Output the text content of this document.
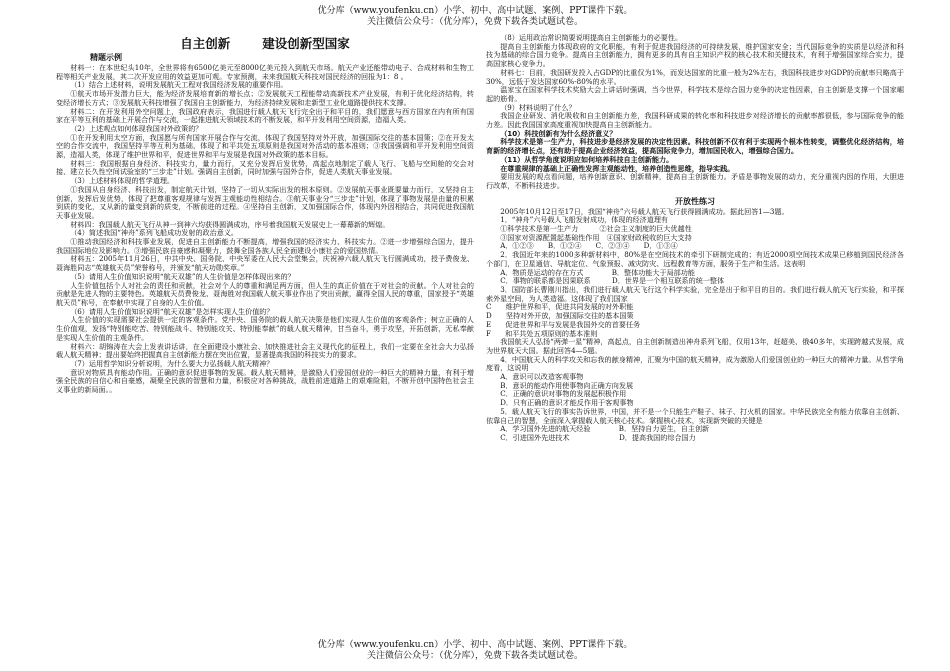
优分库（www.youfenku.cn）小学、初中、高中试题、案例、PPT课件下载。
关注微信公众号：（优分库），免费下载各类试题试卷。
自主创新	建设创新型国家
精题示例

材料一：在本世纪头10年，全世界将有6500亿美元至8000亿美元投入到航天市场。航天产业还能带动电子、合成材料和生物工程等相关产业发展，其二次开发应用的效益更加可观。专家预测，未来我国航天科技对国民经济的回报为1：8 。

（1）结合上述材料，说明发展航天工程对我国经济发展的重要作用。

①航天市场开发潜力巨大，能为经济发展培育新的增长点；②发展航天工程能带动高新技术产业发展，有利于优化经济结构，转变经济增长方式；③发展航天科技增强了我国自主创新能力，为经济持续发展和走新型工业化道路提供技术支撑。

材料二：在开发利用外空问题上，我国政府表示，我国进行载人航天飞行完全出于和平目的，我们愿意与西方国家在内有所有国家在平等互利的基础上开展合作与交流，一起推进航天领域技术的不断发展，和平开发利用空间资源，造福人类。

（2）上述观点如何体现我国对外政策的？

①在开发利用太空方面，我国愿与所有国家开展合作与交流，体现了我国坚持对外开放，加强国际交往的基本国策；②在开发太空的合作交流中，我国坚持平等互利为基础，体现了和平共处五项原则是我国对外活动的基本准则；③我国强调和平开发利用空间资源，造福人类，体现了维护世界和平，促进世界和平与发展是我国对外政策的基本目标。

材料三：我国根据自身经济、科技实力，量力而行，又充分发挥后发优势，高起点地制定了载人飞行、飞船与空间舱的交会对接、建立长久性空间试验室的“三步走”计划。强调自主创新，同时加强与国外合作，促进人类航天事业发展。

（3）上述材料体现的哲学道理。

①我国从自身经济、科技出发，制定航天计划，坚持了一切从实际出发的根本原则。②发展航天事业既要量力而行，又坚持自主创新，发挥后发优势，体现了把尊重客观规律与发挥主观能动性相结合。③航天事业分“三步走”计划，体现了事物发展是由量的积累到质的变化，又从新的量变到新的质变，不断前进的过程。④坚持自主创新，又加强国际合作，体现内外因相结合，共同促进我国航天事业发展。

材料四：我国载人航天飞行从神一到神六均获得圆满成功，序号着我国航天发展史上一幕幕新的辉煌。

（4）简述我国“神舟”系列飞船成功发射的政治意义。

①推动我国经济和科技事业发展，促进自主创新能力不断提高，增强我国的经济实力、科技实力。②进一步增强综合国力，提升我国国际地位及影响力。③增强民族自豪感和凝聚力，鼓舞全国各族人民全面建设小康社会的爱国热情。

材料五：2005年11月26日，中共中央、国务院、中央军委在人民大会堂集会，庆祝神六载人航天飞行圆满成功，授予费俊龙、聂海胜同志“英雄航天员”荣誉称号，并颁发“航天功勋奖章。”

（5）请用人生价值知识说明“航天双雄”的人生价值是怎样体现出来的？

人生价值包括个人对社会的责任和贡献，社会对个人的尊重和满足两方面，但人生的真正价值在于对社会的贡献。个人对社会的贡献是先进人物的主要特色。英雄航天员费俊龙、聂海胜对我国载人航天事业作出了突出贡献，赢得全国人民的尊重，国家授予“英雄航天员”称号，在奉献中实现了自身的人生价值。

（6）请用人生价值知识说明“航天双雄”是怎样实现人生价值的？

人生价值的实现需要社会提供一定的客观条件。党中央、国务院的载人航天决策是他们实现人生价值的客观条件；树立正确的人生价值观，发扬“特别能吃苦、特别能战斗、特别能攻关、特别能奉献”的载人航天精神，甘当奋斗，勇于攻坚，开拓创新，无私奉献是实现人生价值的主观条件。

材料六：胡锦涛在大会上发表讲话讲，在全面建设小康社会、加快推进社会主义现代化的征程上，我们一定要在全社会大力弘扬载人航天精神；提出要始终把握真自主创新能力摆在突出位置，显著提高我国的科技实力的要求。

（7）运用哲学知识分析说明，为什么要大力弘扬载人航天精神？

意识对物质具有能动作用。正确的意识促进事物的发展。载人航天精神，是激励人们爱国创业的一种巨大的精神力量，有利于增强全民族的自信心和自豪感，凝聚全民族的智慧和力量，积极应对各种挑战，战胜前进道路上的艰难险阻，不断开创中国特色社会主义事业的新局面。。

（8）运用政治常识简要说明提高自主创新能力的必要性。

提高自主创新能力体现政府的文化职能，有利于促进我国经济的可持续发展，维护国家安全；当代国际竞争的实质是以经济和科技为基础的综合国力竞争。提高自主创新能力，拥有更多的具有自主知识产权的核心技术和关键技术，有利于增强国家综合实力，提高国家核心竞争力。

材料七：目前，我国研发投入占GDP的比重仅为1%，而发达国家的比重一般为2%左右，我国科技进步对GDP的贡献率只略高于30%，远低于发达国家60%-80%的水平。

温家宝在国家科学技术奖励大会上讲话时强调，当今世界，科学技术是综合国力竞争的决定性因素，自主创新是支撑一个国家崛起的筋骨。

（9）材料说明了什么？

我国企业研发、消化吸收和自主创新能力差，我国科研成果的转化率和科技进步对经济增长的贡献率都很低，参与国际竞争的能力差。因此我国国家高度重视加快提高自主创新能力。

（10）科技创新有为什么经济意义？

科学技术是第一生产力，科技进步是经济发展的决定性因素。科技创新不仅有利于实现两个根本性转变，调整优化经济结构，培育新的经济增长点，还有助于提高企业经济效益，提高国际竞争力，增加国民收入，增强综合国力。

（11）从哲学角度说明应如何培养科技自主创新能力。

在尊重规律的基础上正确性发挥主观能动性，培养创造性思维，指导实践。

要用发展的观点看问题，培养创新意识、创新精神，提高自主创新能力。矛盾是事物发展的动力，充分重视内因的作用，大胆进行改革，不断科技进步。

开放性练习

2005年10月12日至17日，我国“神舟”六号载人航天飞行获得圆满成功。据此回答1—3题。

1．“神舟”六号载人飞船发射成功，体现的经济道理有

①科学技术是第一生产力　　　②社会主义制度的巨大优越性

③国家对资源配置起基础性作用　④国家财政税收的巨大支持

A．①②③　　B．①②④　　C．②③④　　D．①③④

2．我国近年来的1000多种新材料中，80%是在空间技术的牵引下研制完成的；有近2000项空间技术成果已移植到国民经济各个部门，在卫星通信、导航定位、气象预报、减灾防灾、远程教育等方面，服务于生产和生活。这表明

A．物质是运动的存在方式　　　　B．整体功能大于局部功能

C．事物的联系都是因果联系　　　D．世界是一个相互联系的统一整体

3．国防部长曹刚川指出，我们进行载人航天飞行这个科学实验，完全是出于和平目的目的。我们进行载人航天飞行实验，和平探索外星空间，为人类造福。这体现了我们国家

C　　维护世界和平，促进共同发展的对外职能

D　　坚持对外开放，加强国际交往的基本国策

E　　促进世界和平与发展是我国外交的首要任务

F　　和平共处五项原则的基本准则

我国航天人弘扬“两弹一星”精神，高起点，自主创新制造出神舟系列飞船，仅用13年，赶超美、俄40多年，实现跨越式发展，成为世界航天大国。据此回答4—5题。

4．中国航天人的科学攻关和忘我的献身精神，汇聚为中国的航天精神，成为激励人们爱国创业的一种巨大的精神力量。从哲学角度看，这说明

A．意识可以改造客观事物

B．意识的能动作用使事物向正确方向发展

C．正确的意识对事物的发展起积极作用

D．只有正确的意识才能反作用于客观事物

5．载人航天飞行的事实告诉世界，中国，并不是一个只能生产鞋子、袜子、打火机的国家。中华民族完全有能力依靠自主创新、依靠自己的智慧，全面深入掌握载人航天核心技术。掌握核心技术，实现新突破的关键是

A．学习国外先进的航天经验　　　　B．坚持自力更生，自主创新

C．引进国外先进技术　　　　　　　D．提高我国的综合国力

优分库（www.youfenku.cn）小学、初中、高中试题、案例、PPT课件下载。
关注微信公众号：（优分库），免费下载各类试题试卷。
